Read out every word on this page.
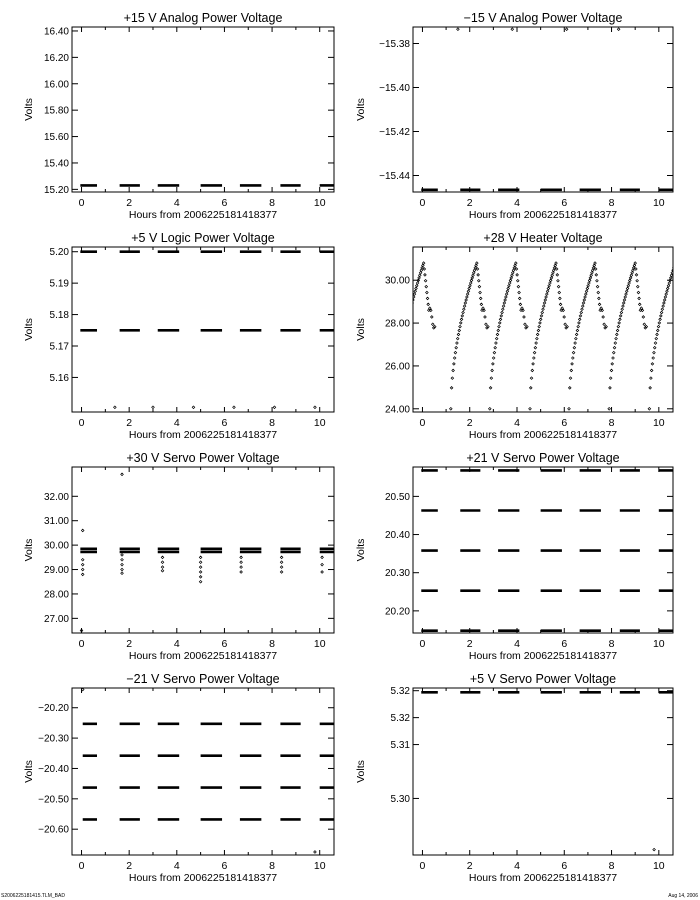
+15 V Analog Power Voltage
0	2	4	6	8	10
15.20
15.40
15.60
15.80
16.00
16.20
16.40
Hours from 2006225181418377
Volts
−15 V Analog Power Voltage
0	2	4	6	8	10
−15.38
−15.40
−15.42
−15.44
Hours from 2006225181418377
Volts
+5 V Logic Power Voltage
0	2	4	6	8	10
5.16
5.17
5.18
5.19
5.20
Hours from 2006225181418377
Volts
+28 V Heater Voltage
0	2	4	6	8	10
24.00
26.00
28.00
30.00
Hours from 2006225181418377
Volts
+30 V Servo Power Voltage
0	2	4	6	8	10
27.00
28.00
29.00
30.00
31.00
32.00
Hours from 2006225181418377
Volts
+21 V Servo Power Voltage
0	2	4	6	8	10
20.20
20.30
20.40
20.50
Hours from 2006225181418377
Volts
−21 V Servo Power Voltage
0	2	4	6	8	10
−20.20
−20.30
−20.40
−20.50
−20.60
Hours from 2006225181418377
Volts
+5 V Servo Power Voltage
0	2	4	6	8	10
5.30
5.31
5.32
5.32
Hours from 2006225181418377
Volts
S2006225181415.TLM_BAD	Aug 14, 2006
